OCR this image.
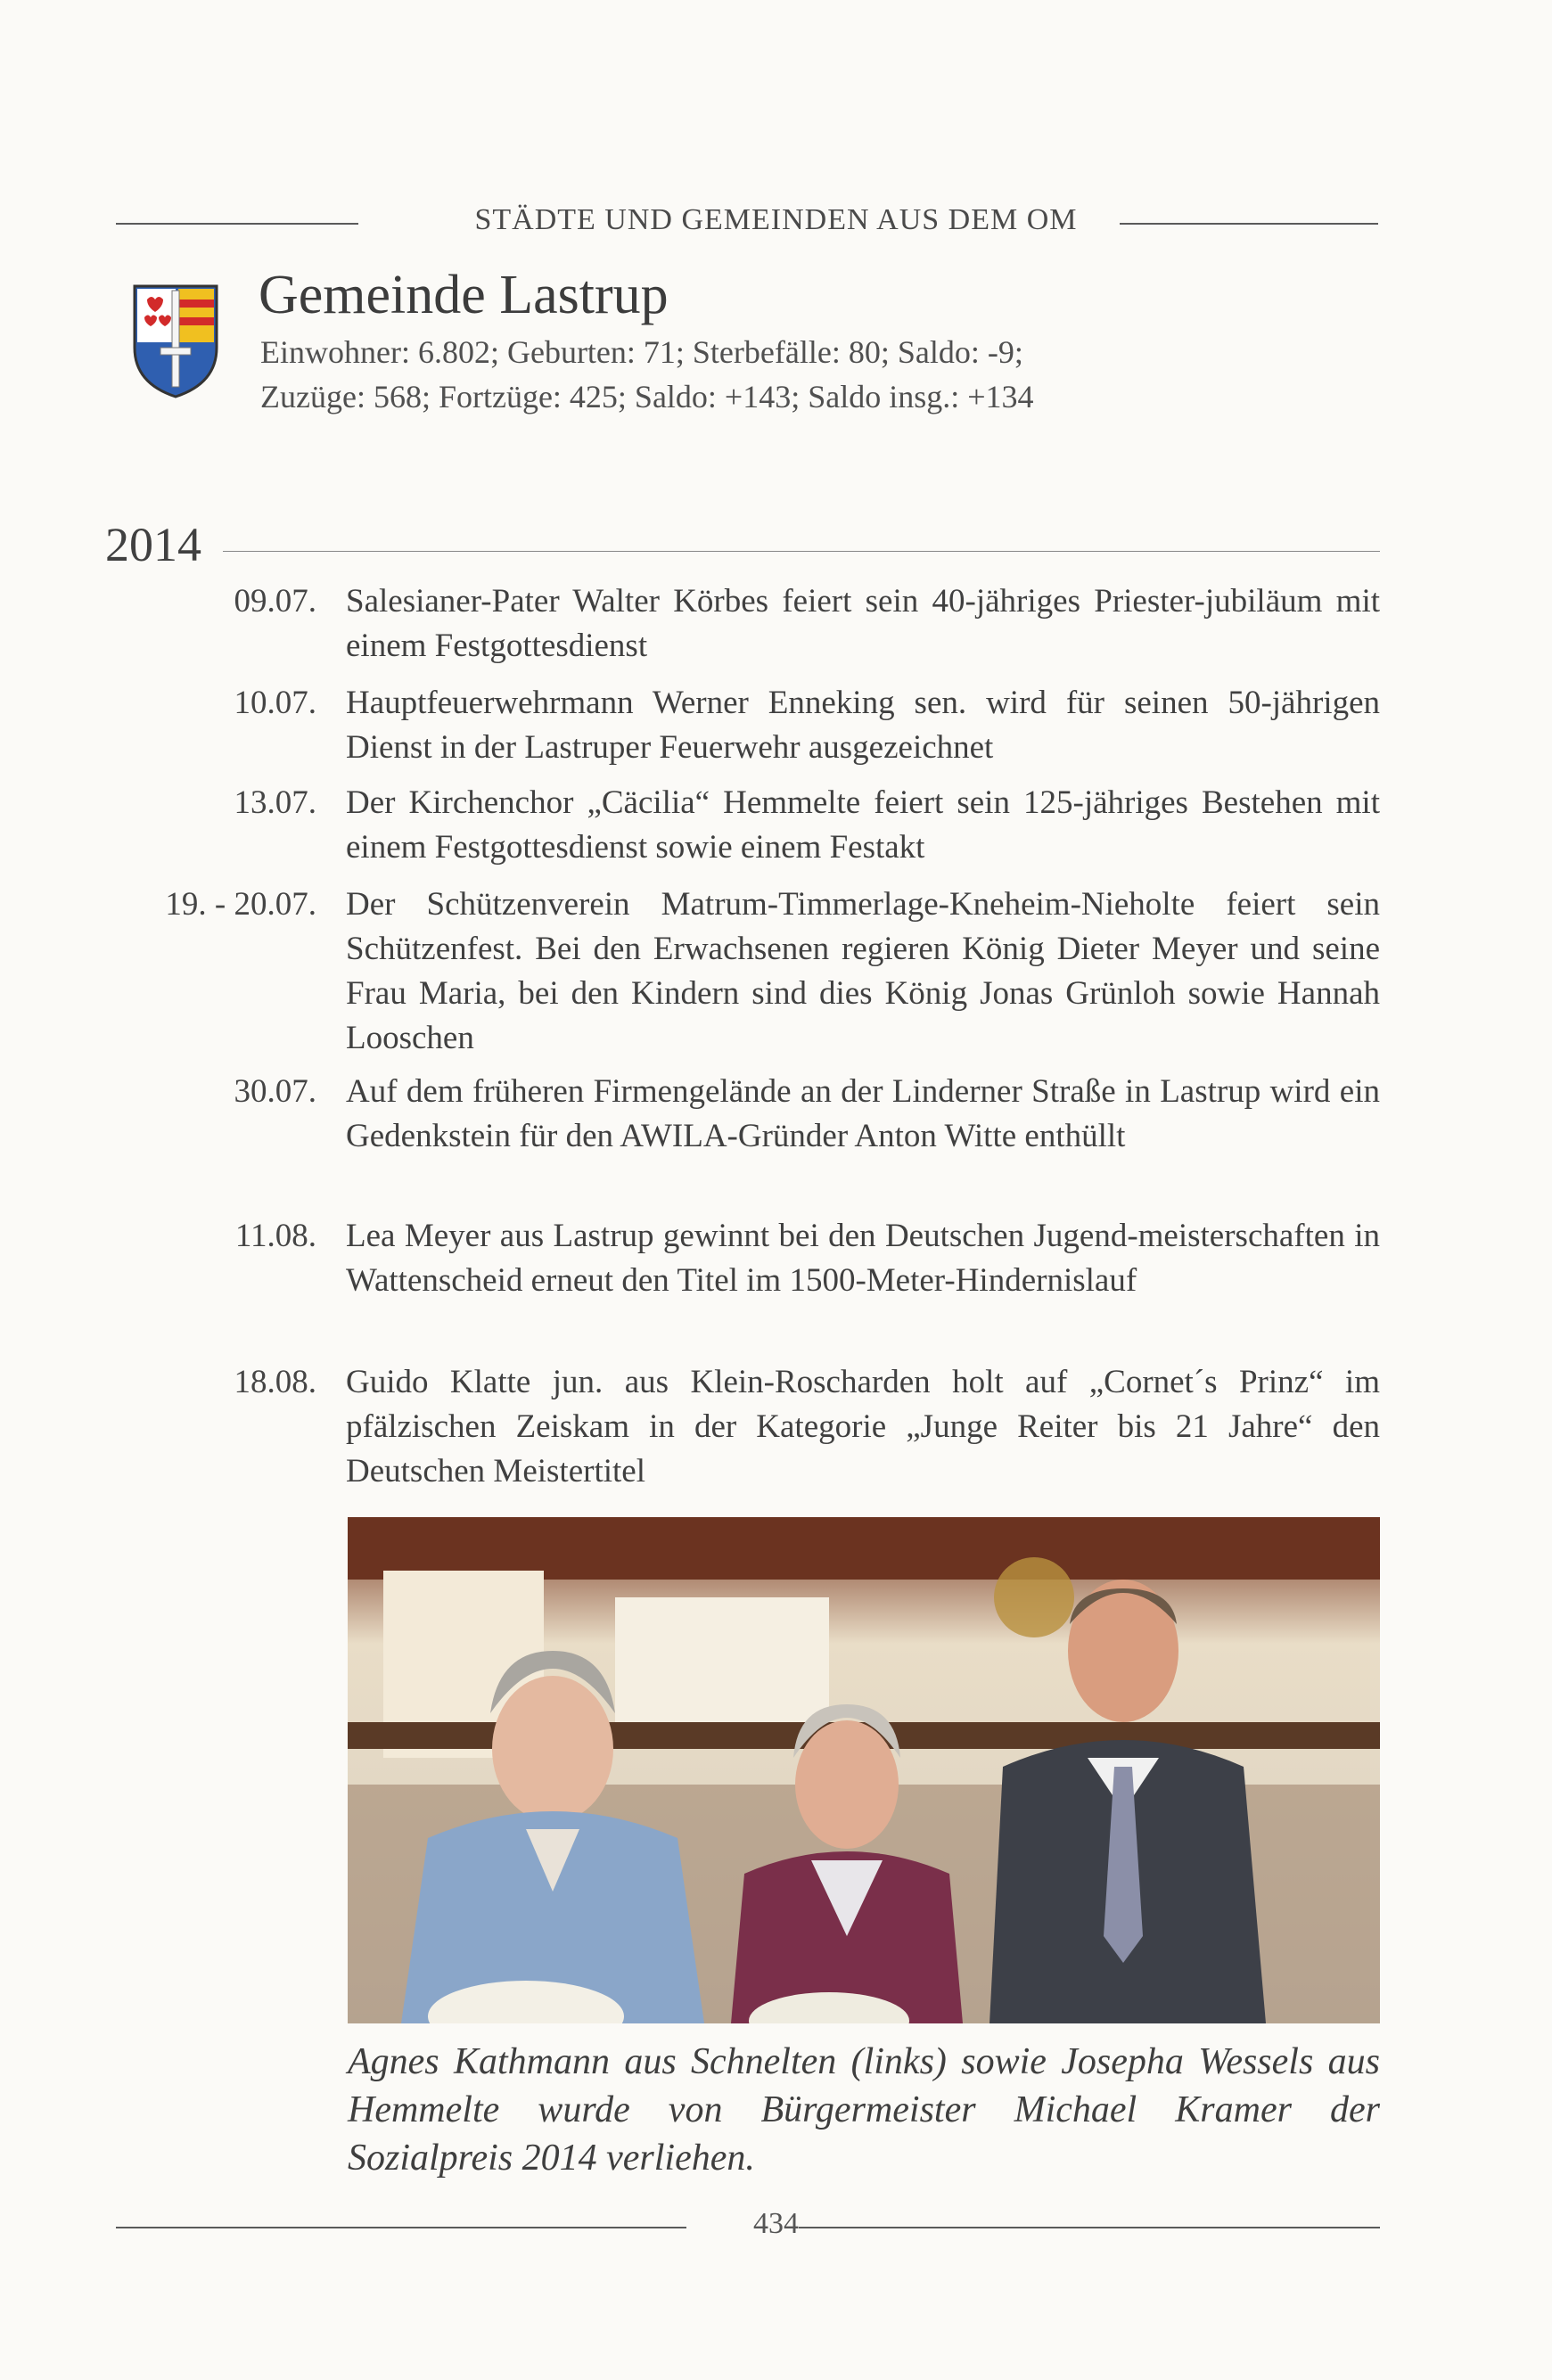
STÄDTE UND GEMEINDEN AUS DEM OM
Gemeinde Lastrup
Einwohner: 6.802; Geburten: 71; Sterbefälle: 80; Saldo: -9;
Zuzüge: 568; Fortzüge: 425; Saldo: +143; Saldo insg.: +134
2014
09.07. Salesianer-Pater Walter Körbes feiert sein 40-jähriges Priester-jubiläum mit einem Festgottesdienst
10.07. Hauptfeuerwehrmann Werner Enneking sen. wird für seinen 50-jährigen Dienst in der Lastruper Feuerwehr ausgezeichnet
13.07. Der Kirchenchor „Cäcilia“ Hemmelte feiert sein 125-jähriges Bestehen mit einem Festgottesdienst sowie einem Festakt
19. - 20.07. Der Schützenverein Matrum-Timmerlage-Kneheim-Nieholte feiert sein Schützenfest. Bei den Erwachsenen regieren König Dieter Meyer und seine Frau Maria, bei den Kindern sind dies König Jonas Grünloh sowie Hannah Looschen
30.07. Auf dem früheren Firmengelände an der Linderner Straße in Lastrup wird ein Gedenkstein für den AWILA-Gründer Anton Witte enthüllt
11.08. Lea Meyer aus Lastrup gewinnt bei den Deutschen Jugend-meisterschaften in Wattenscheid erneut den Titel im 1500-Meter-Hindernislauf
18.08. Guido Klatte jun. aus Klein-Roscharden holt auf „Cornet´s Prinz“ im pfälzischen Zeiskam in der Kategorie „Junge Reiter bis 21 Jahre“ den Deutschen Meistertitel
Agnes Kathmann aus Schnelten (links) sowie Josepha Wessels aus Hemmelte wurde von Bürgermeister Michael Kramer der Sozialpreis 2014 verliehen.
434
